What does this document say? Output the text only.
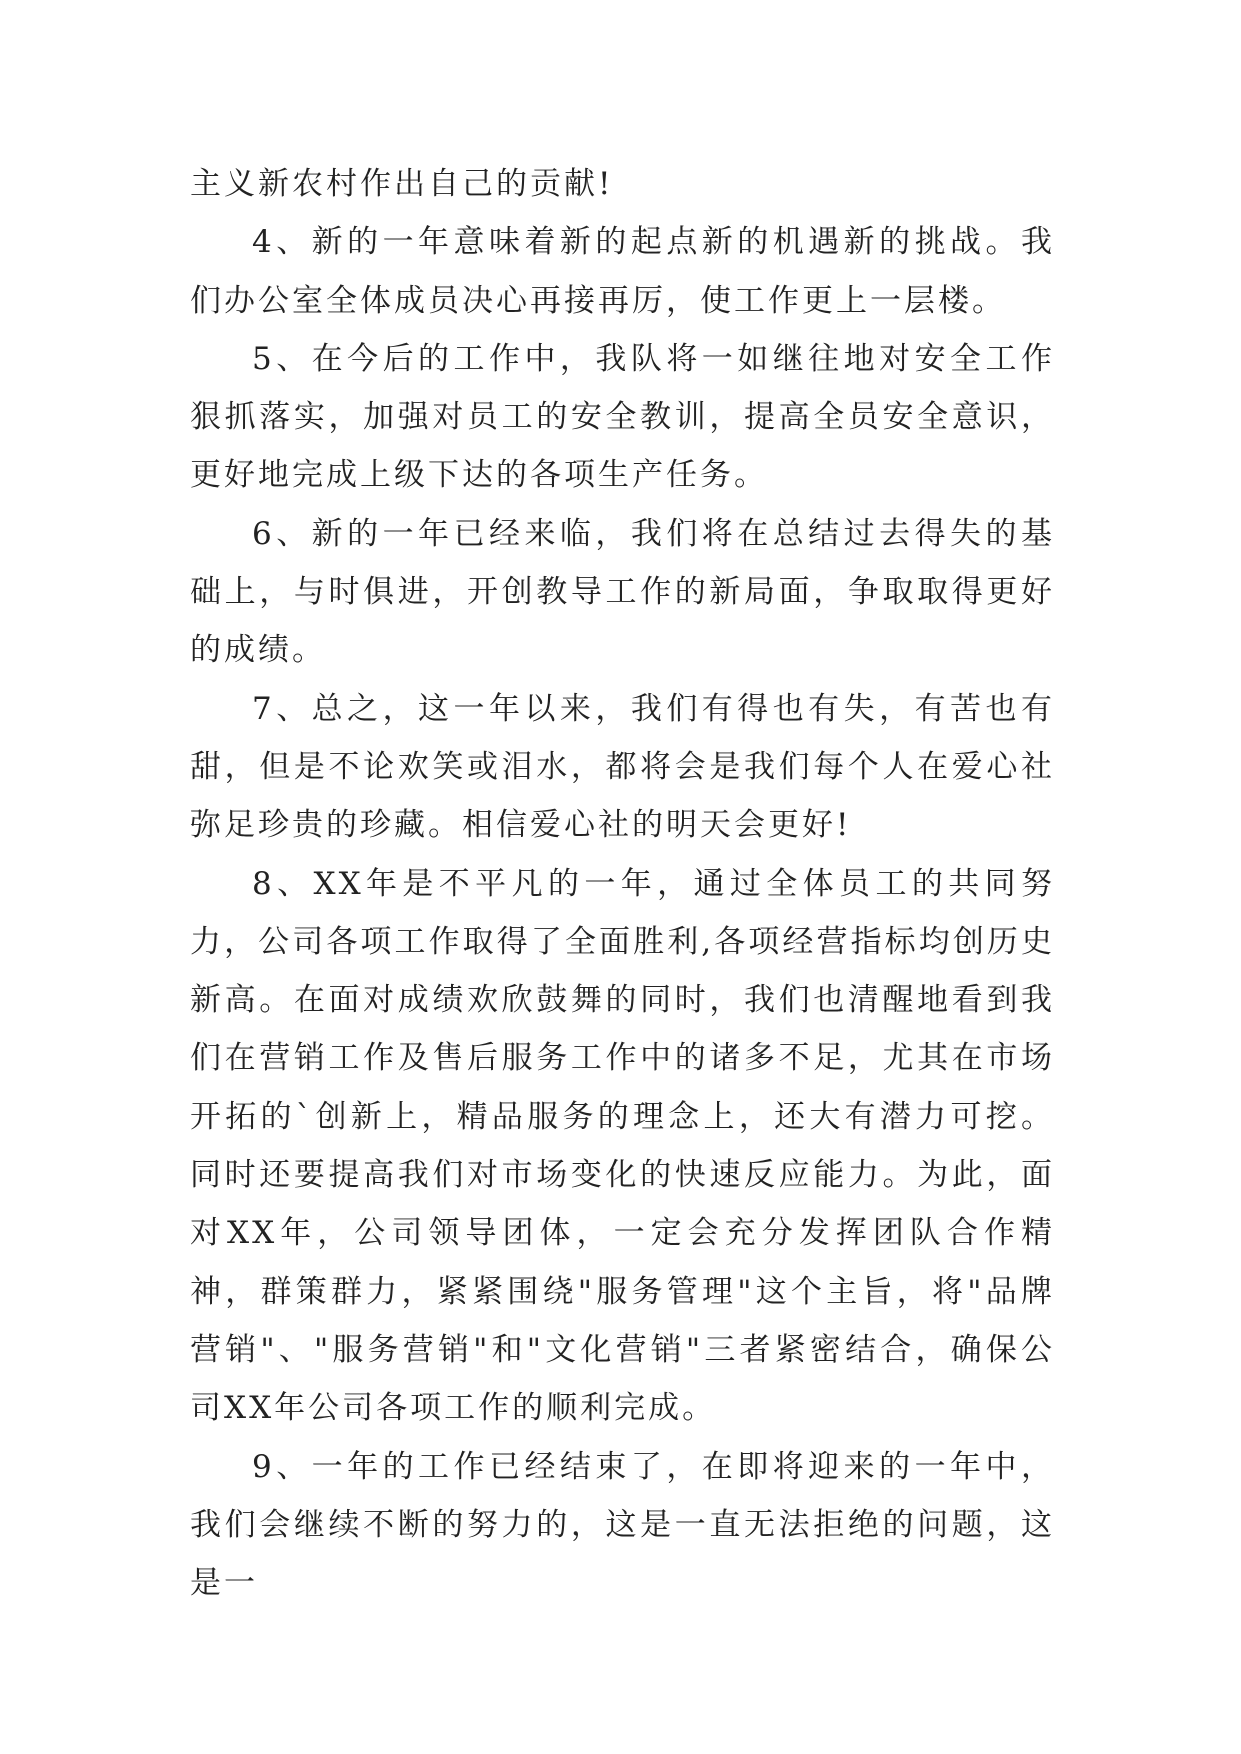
主义新农村作出自己的贡献!

4、新的一年意味着新的起点新的机遇新的挑战。我们办公室全体成员决心再接再厉，使工作更上一层楼。

5、在今后的工作中，我队将一如继往地对安全工作狠抓落实，加强对员工的安全教训，提高全员安全意识，更好地完成上级下达的各项生产任务。

6、新的一年已经来临，我们将在总结过去得失的基础上，与时俱进，开创教导工作的新局面，争取取得更好的成绩。

7、总之，这一年以来，我们有得也有失，有苦也有甜，但是不论欢笑或泪水，都将会是我们每个人在爱心社弥足珍贵的珍藏。相信爱心社的明天会更好!

8、XX年是不平凡的一年，通过全体员工的共同努力，公司各项工作取得了全面胜利,各项经营指标均创历史新高。在面对成绩欢欣鼓舞的同时，我们也清醒地看到我们在营销工作及售后服务工作中的诸多不足，尤其在市场开拓的`创新上，精品服务的理念上，还大有潜力可挖。同时还要提高我们对市场变化的快速反应能力。为此，面对XX年，公司领导团体，一定会充分发挥团队合作精神，群策群力，紧紧围绕"服务管理"这个主旨，将"品牌营销"、"服务营销"和"文化营销"三者紧密结合，确保公司XX年公司各项工作的顺利完成。

9、一年的工作已经结束了，在即将迎来的一年中，我们会继续不断的努力的，这是一直无法拒绝的问题，这是一
